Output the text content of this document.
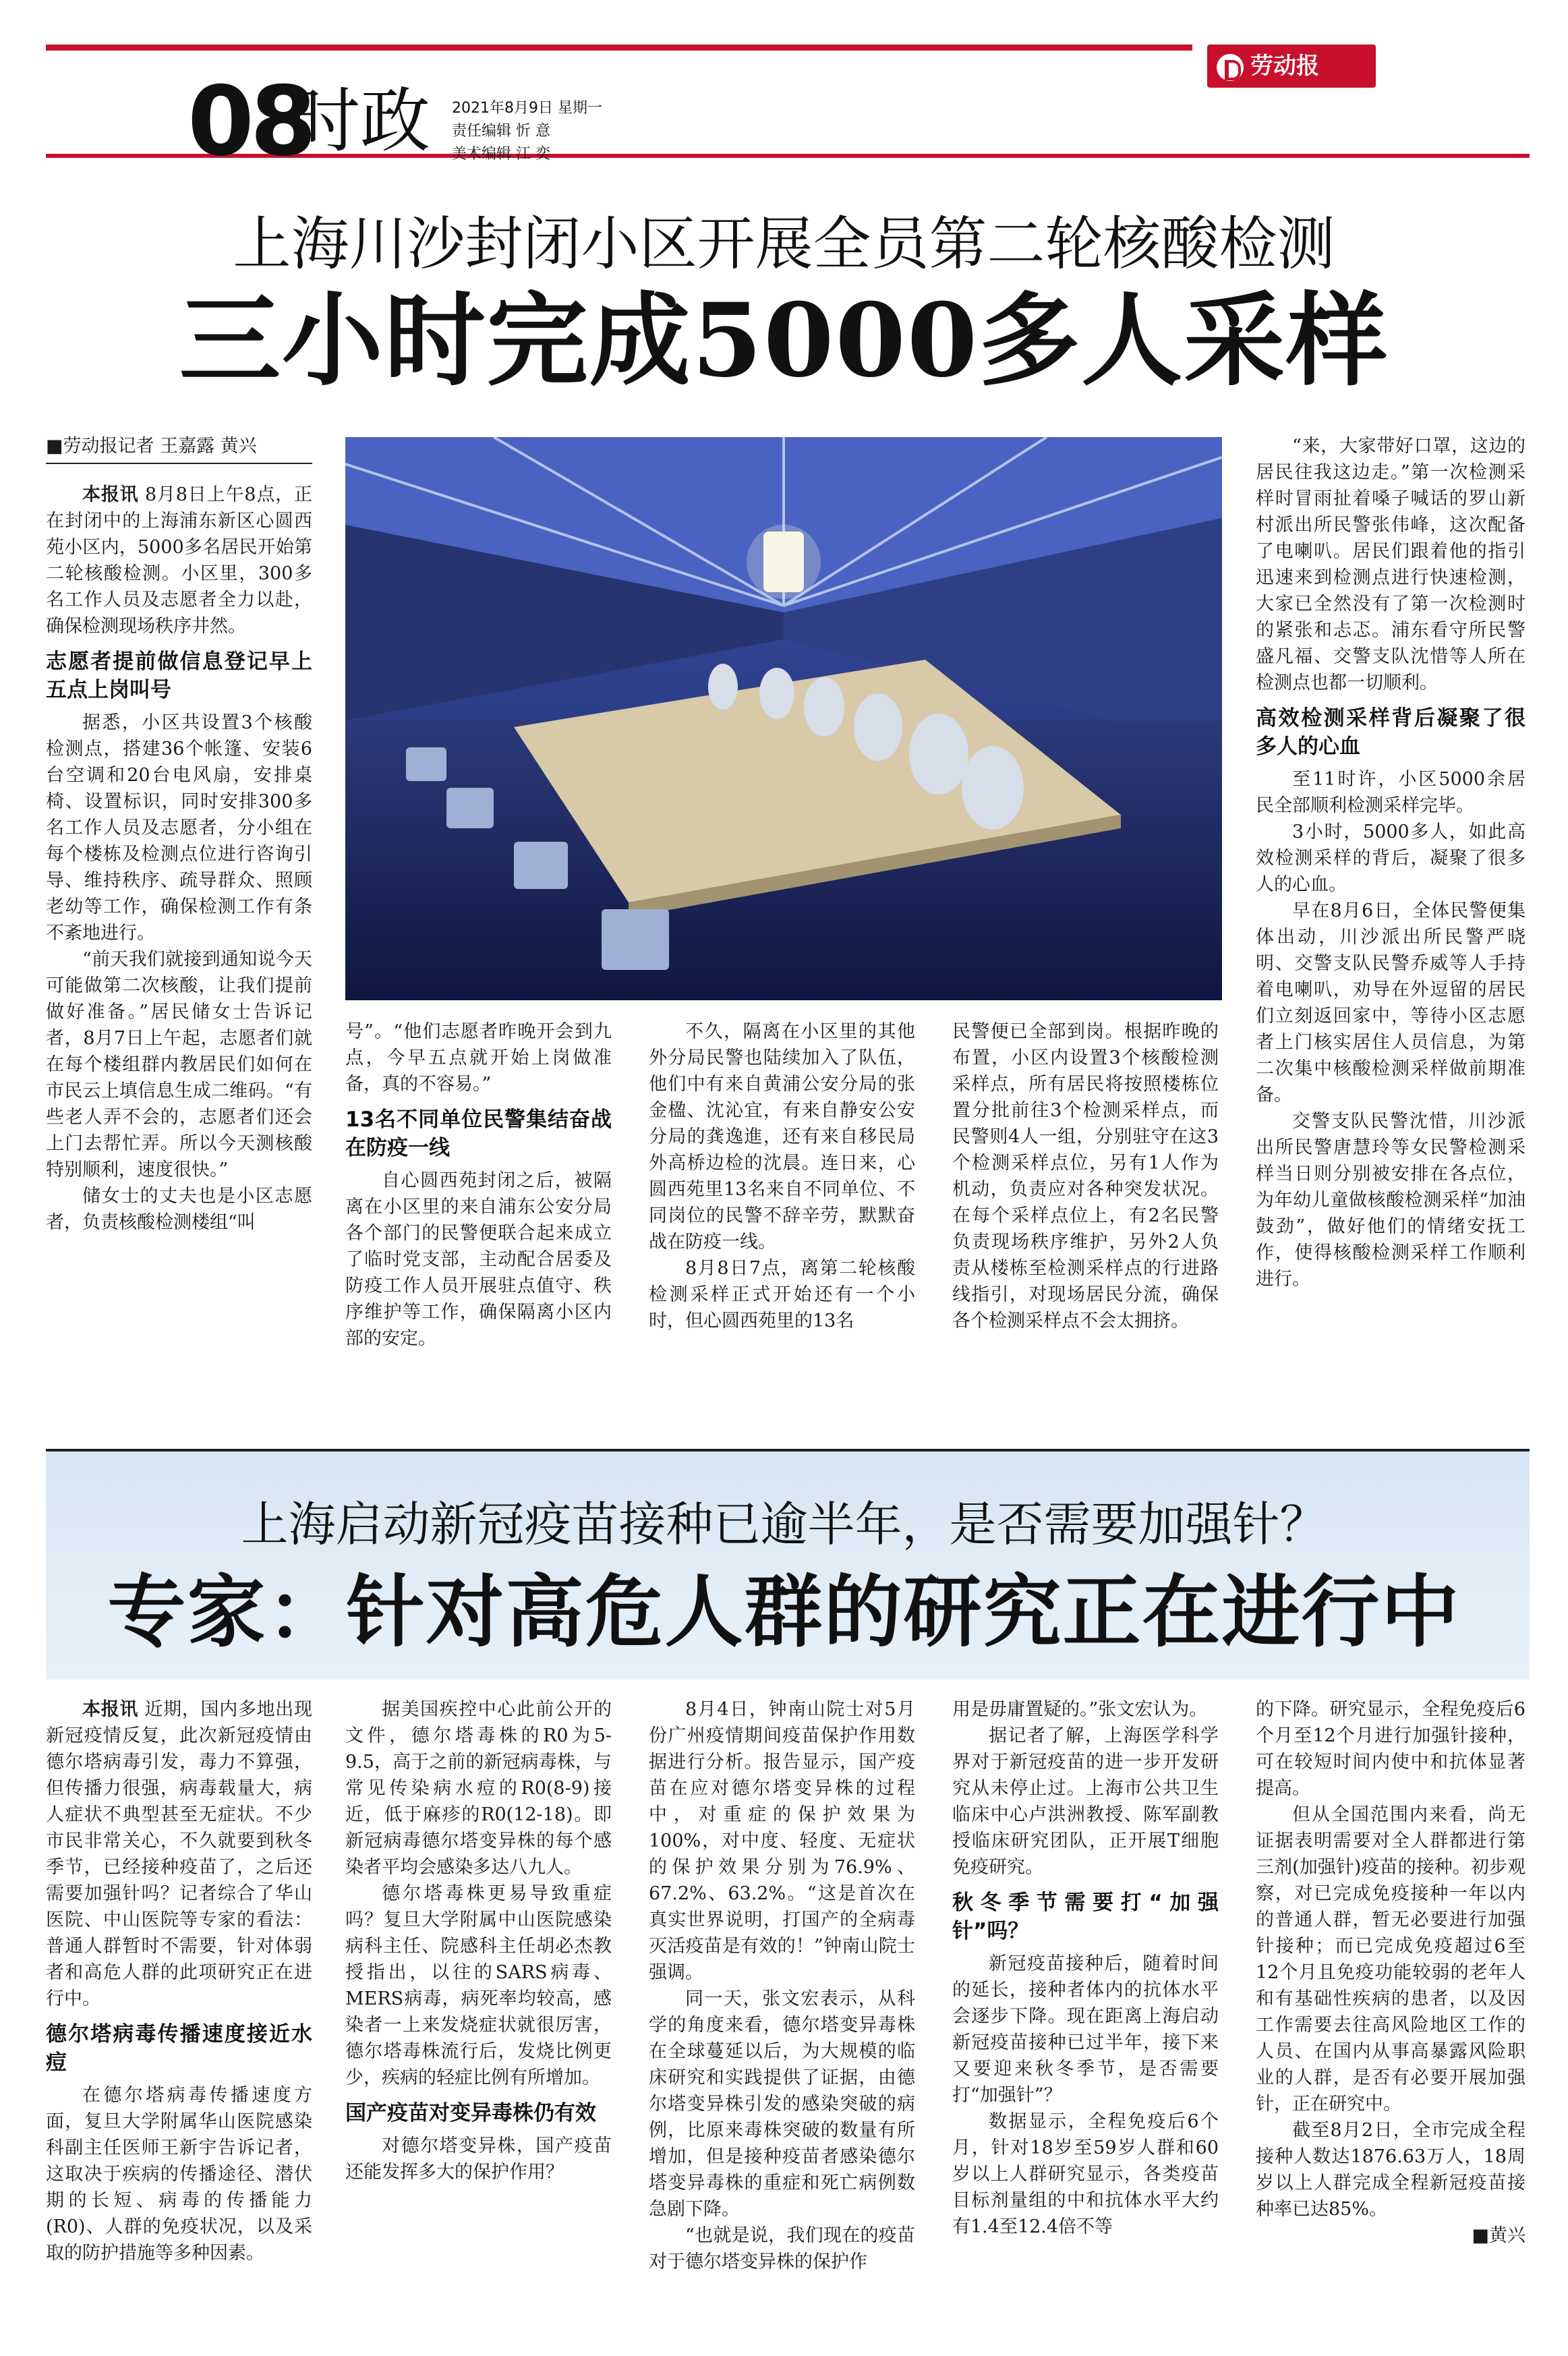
劳动报
08
时政 2021年8月9日 星期一
责任编辑 忻 意
美术编辑 江 奕
上海川沙封闭小区开展全员第二轮核酸检测
三小时完成5000多人采样
■劳动报记者 王嘉露 黄兴

本报讯 8月8日上午8点，正在封闭中的上海浦东新区心圆西苑小区内，5000多名居民开始第二轮核酸检测。小区里，300多名工作人员及志愿者全力以赴，确保检测现场秩序井然。

志愿者提前做信息登记早上五点上岗叫号

据悉，小区共设置3个核酸检测点，搭建36个帐篷、安装6台空调和20台电风扇，安排桌椅、设置标识，同时安排300多名工作人员及志愿者，分小组在每个楼栋及检测点位进行咨询引导、维持秩序、疏导群众、照顾老幼等工作，确保检测工作有条不紊地进行。

“前天我们就接到通知说今天可能做第二次核酸，让我们提前做好准备。”居民储女士告诉记者，8月7日上午起，志愿者们就在每个楼组群内教居民们如何在市民云上填信息生成二维码。“有些老人弄不会的，志愿者们还会上门去帮忙弄。所以今天测核酸特别顺利，速度很快。”

储女士的丈夫也是小区志愿者，负责核酸检测楼组“叫

号”。“他们志愿者昨晚开会到九点，今早五点就开始上岗做准备，真的不容易。”

13名不同单位民警集结奋战在防疫一线

自心圆西苑封闭之后，被隔离在小区里的来自浦东公安分局各个部门的民警便联合起来成立了临时党支部，主动配合居委及防疫工作人员开展驻点值守、秩序维护等工作，确保隔离小区内部的安定。

不久，隔离在小区里的其他外分局民警也陆续加入了队伍，他们中有来自黄浦公安分局的张金楹、沈沁宜，有来自静安公安分局的龚逸進，还有来自移民局外高桥边检的沈晨。连日来，心圆西苑里13名来自不同单位、不同岗位的民警不辞辛劳，默默奋战在防疫一线。

8月8日7点，离第二轮核酸检测采样正式开始还有一个小时，但心圆西苑里的13名

民警便已全部到岗。根据昨晚的布置，小区内设置3个核酸检测采样点，所有居民将按照楼栋位置分批前往3个检测采样点，而民警则4人一组，分别驻守在这3个检测采样点位，另有1人作为机动，负责应对各种突发状况。在每个采样点位上，有2名民警负责现场秩序维护，另外2人负责从楼栋至检测采样点的行进路线指引，对现场居民分流，确保各个检测采样点不会太拥挤。

“来，大家带好口罩，这边的居民往我这边走。”第一次检测采样时冒雨扯着嗓子喊话的罗山新村派出所民警张伟峰，这次配备了电喇叭。居民们跟着他的指引迅速来到检测点进行快速检测，大家已全然没有了第一次检测时的紧张和忐忑。浦东看守所民警盛凡福、交警支队沈惜等人所在检测点也都一切顺利。

高效检测采样背后凝聚了很多人的心血

至11时许，小区5000余居民全部顺利检测采样完毕。

3小时，5000多人，如此高效检测采样的背后，凝聚了很多人的心血。

早在8月6日，全体民警便集体出动，川沙派出所民警严晓明、交警支队民警乔威等人手持着电喇叭，劝导在外逗留的居民们立刻返回家中，等待小区志愿者上门核实居住人员信息，为第二次集中核酸检测采样做前期准备。

交警支队民警沈惜，川沙派出所民警唐慧玲等女民警检测采样当日则分别被安排在各点位，为年幼儿童做核酸检测采样“加油鼓劲”，做好他们的情绪安抚工作，使得核酸检测采样工作顺利进行。

上海启动新冠疫苗接种已逾半年，是否需要加强针？
专家：针对高危人群的研究正在进行中

本报讯 近期，国内多地出现新冠疫情反复，此次新冠疫情由德尔塔病毒引发，毒力不算强，但传播力很强，病毒载量大，病人症状不典型甚至无症状。不少市民非常关心，不久就要到秋冬季节，已经接种疫苗了，之后还需要加强针吗？记者综合了华山医院、中山医院等专家的看法：普通人群暂时不需要，针对体弱者和高危人群的此项研究正在进行中。

德尔塔病毒传播速度接近水痘

在德尔塔病毒传播速度方面，复旦大学附属华山医院感染科副主任医师王新宇告诉记者，这取决于疾病的传播途径、潜伏期的长短、病毒的传播能力(R0)、人群的免疫状况，以及采取的防护措施等多种因素。

据美国疾控中心此前公开的文件，德尔塔毒株的R0为5-9.5，高于之前的新冠病毒株，与常见传染病水痘的R0(8-9)接近，低于麻疹的R0(12-18)。即新冠病毒德尔塔变异株的每个感染者平均会感染多达八九人。

德尔塔毒株更易导致重症吗？复旦大学附属中山医院感染病科主任、院感科主任胡必杰教授指出，以往的SARS病毒、MERS病毒，病死率均较高，感染者一上来发烧症状就很厉害，德尔塔毒株流行后，发烧比例更少，疾病的轻症比例有所增加。

国产疫苗对变异毒株仍有效

对德尔塔变异株，国产疫苗还能发挥多大的保护作用？

8月4日，钟南山院士对5月份广州疫情期间疫苗保护作用数据进行分析。报告显示，国产疫苗在应对德尔塔变异株的过程中，对重症的保护效果为100%，对中度、轻度、无症状的保护效果分别为76.9%、67.2%、63.2%。“这是首次在真实世界说明，打国产的全病毒灭活疫苗是有效的！”钟南山院士强调。

同一天，张文宏表示，从科学的角度来看，德尔塔变异毒株在全球蔓延以后，为大规模的临床研究和实践提供了证据，由德尔塔变异株引发的感染突破的病例，比原来毒株突破的数量有所增加，但是接种疫苗者感染德尔塔变异毒株的重症和死亡病例数急剧下降。

“也就是说，我们现在的疫苗对于德尔塔变异株的保护作

用是毋庸置疑的。”张文宏认为。

据记者了解，上海医学科学界对于新冠疫苗的进一步开发研究从未停止过。上海市公共卫生临床中心卢洪洲教授、陈军副教授临床研究团队，正开展T细胞免疫研究。

秋冬季节需要打“加强针”吗？

新冠疫苗接种后，随着时间的延长，接种者体内的抗体水平会逐步下降。现在距离上海启动新冠疫苗接种已过半年，接下来又要迎来秋冬季节，是否需要打“加强针”？

数据显示，全程免疫后6个月，针对18岁至59岁人群和60岁以上人群研究显示，各类疫苗目标剂量组的中和抗体水平大约有1.4至12.4倍不等

的下降。研究显示，全程免疫后6个月至12个月进行加强针接种，可在较短时间内使中和抗体显著提高。

但从全国范围内来看，尚无证据表明需要对全人群都进行第三剂(加强针)疫苗的接种。初步观察，对已完成免疫接种一年以内的普通人群，暂无必要进行加强针接种；而已完成免疫超过6至12个月且免疫功能较弱的老年人和有基础性疾病的患者，以及因工作需要去往高风险地区工作的人员、在国内从事高暴露风险职业的人群，是否有必要开展加强针，正在研究中。

截至8月2日，全市完成全程接种人数达1876.63万人，18周岁以上人群完成全程新冠疫苗接种率已达85%。

■黄兴
